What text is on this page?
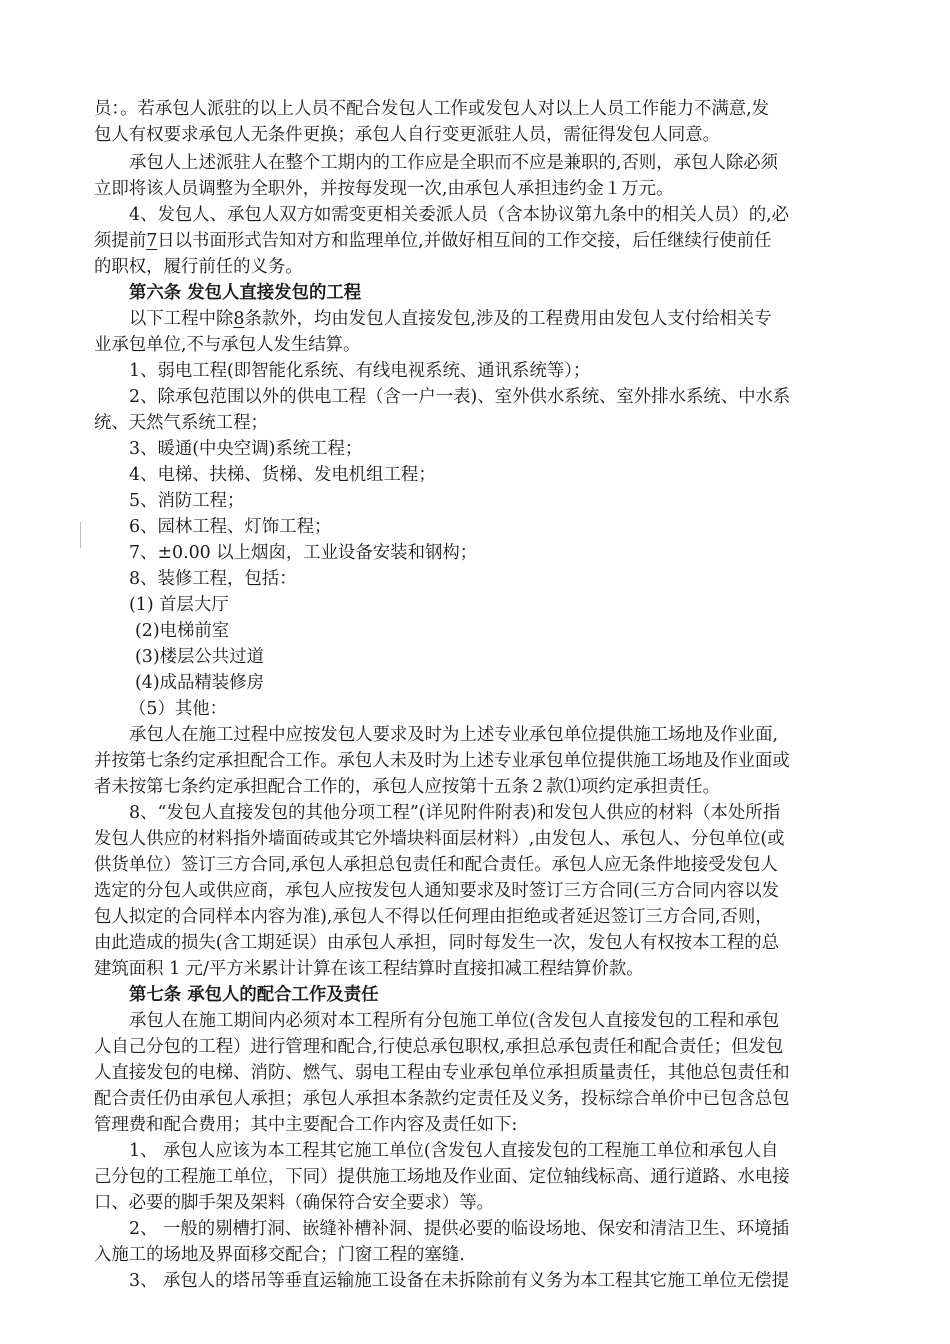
员：。若承包人派驻的以上人员不配合发包人工作或发包人对以上人员工作能力不满意,发
包人有权要求承包人无条件更换；承包人自行变更派驻人员，需征得发包人同意。
承包人上述派驻人在整个工期内的工作应是全职而不应是兼职的,否则，承包人除必须
立即将该人员调整为全职外，并按每发现一次,由承包人承担违约金１万元。
4、发包人、承包人双方如需变更相关委派人员（含本协议第九条中的相关人员）的,必
须提前7日以书面形式告知对方和监理单位,并做好相互间的工作交接，后任继续行使前任
的职权，履行前任的义务。
第六条 发包人直接发包的工程
以下工程中除8条款外，均由发包人直接发包,涉及的工程费用由发包人支付给相关专
业承包单位,不与承包人发生结算。
1、弱电工程(即智能化系统、有线电视系统、通讯系统等）；
2、除承包范围以外的供电工程（含一户一表)、室外供水系统、室外排水系统、中水系
统、天然气系统工程；
3、暖通(中央空调)系统工程；
4、电梯、扶梯、货梯、发电机组工程；
5、消防工程；
6、园林工程、灯饰工程；
7、±0.00 以上烟囱，工业设备安装和钢构；
8、装修工程，包括：
(1) 首层大厅
(2)电梯前室
(3)楼层公共过道
(4)成品精装修房
（5）其他：
承包人在施工过程中应按发包人要求及时为上述专业承包单位提供施工场地及作业面,
并按第七条约定承担配合工作。承包人未及时为上述专业承包单位提供施工场地及作业面或
者未按第七条约定承担配合工作的，承包人应按第十五条２款⑴项约定承担责任。
8、“发包人直接发包的其他分项工程”(详见附件附表)和发包人供应的材料（本处所指
发包人供应的材料指外墙面砖或其它外墙块料面层材料）,由发包人、承包人、分包单位(或
供货单位）签订三方合同,承包人承担总包责任和配合责任。承包人应无条件地接受发包人
选定的分包人或供应商，承包人应按发包人通知要求及时签订三方合同(三方合同内容以发
包人拟定的合同样本内容为准),承包人不得以任何理由拒绝或者延迟签订三方合同,否则，
由此造成的损失(含工期延误）由承包人承担，同时每发生一次，发包人有权按本工程的总
建筑面积 1 元/平方米累计计算在该工程结算时直接扣减工程结算价款。
第七条 承包人的配合工作及责任
承包人在施工期间内必须对本工程所有分包施工单位(含发包人直接发包的工程和承包
人自己分包的工程）进行管理和配合,行使总承包职权,承担总承包责任和配合责任；但发包
人直接发包的电梯、消防、燃气、弱电工程由专业承包单位承担质量责任，其他总包责任和
配合责任仍由承包人承担；承包人承担本条款约定责任及义务，投标综合单价中已包含总包
管理费和配合费用；其中主要配合工作内容及责任如下:
1、 承包人应该为本工程其它施工单位(含发包人直接发包的工程施工单位和承包人自
己分包的工程施工单位，下同）提供施工场地及作业面、定位轴线标高、通行道路、水电接
口、必要的脚手架及架料（确保符合安全要求）等。
2、 一般的剔槽打洞、嵌缝补槽补洞、提供必要的临设场地、保安和清洁卫生、环境插
入施工的场地及界面移交配合；门窗工程的塞缝.
3、 承包人的塔吊等垂直运输施工设备在未拆除前有义务为本工程其它施工单位无偿提
